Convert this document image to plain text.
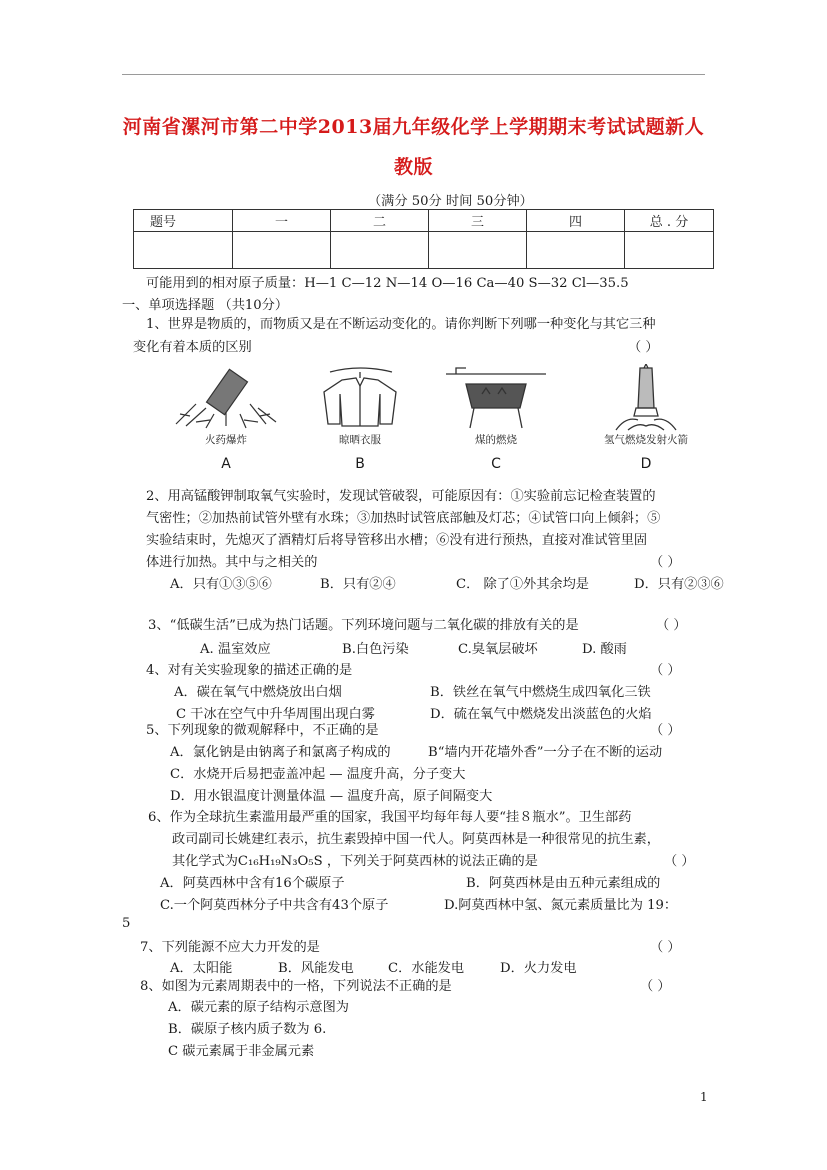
河南省漯河市第二中学2013届九年级化学上学期期末考试试题新人
教版
（满分 50分 时间 50分钟）
题号	一	二	三	四	总 . 分

可能用到的相对原子质量：H—1 C—12 N—14 O—16 Ca—40 S—32 Cl—35.5
一、单项选择题 （共10分）
1、世界是物质的，而物质又是在不断运动变化的。请你判断下列哪一种变化与其它三种
变化有着本质的区别	（ ）
火药爆炸
A
晾晒衣服
B
煤的燃烧
C
氢气燃烧发射火箭
D
2、用高锰酸钾制取氧气实验时，发现试管破裂，可能原因有：①实验前忘记检查装置的
气密性；②加热前试管外壁有水珠；③加热时试管底部触及灯芯；④试管口向上倾斜；⑤
实验结束时，先熄灭了酒精灯后将导管移出水槽；⑥没有进行预热，直接对准试管里固
体进行加热。其中与之相关的	（ ）
A．只有①③⑤⑥	B．只有②④	C． 除了①外其余均是	D．只有②③⑥
3、“低碳生活”已成为热门话题。下列环境问题与二氧化碳的排放有关的是	（ ）
A. 温室效应	B.白色污染	C.臭氧层破坏	D. 酸雨
4、对有关实验现象的描述正确的是	（ ）
A．碳在氧气中燃烧放出白烟	B．铁丝在氧气中燃烧生成四氧化三铁
C 干冰在空气中升华周围出现白雾	D．硫在氧气中燃烧发出淡蓝色的火焰
5、下列现象的微观解释中，不正确的是	（ ）
A．氯化钠是由钠离子和氯离子构成的	B“墙内开花墙外香”一分子在不断的运动
C．水烧开后易把壶盖冲起 — 温度升高，分子变大
D．用水银温度计测量体温 — 温度升高，原子间隔变大
6、作为全球抗生素滥用最严重的国家，我国平均每年每人要“挂８瓶水”。卫生部药
政司副司长姚建红表示，抗生素毁掉中国一代人。阿莫西林是一种很常见的抗生素，
其化学式为C₁₆H₁₉N₃O₅S ，下列关于阿莫西林的说法正确的是	（ ）
A．阿莫西林中含有16个碳原子	B．阿莫西林是由五种元素组成的
C.一个阿莫西林分子中共含有43个原子	D.阿莫西林中氢、氮元素质量比为 19：
5
7、下列能源不应大力开发的是	（ ）
A．太阳能	B．风能发电	C．水能发电	D．火力发电
8、如图为元素周期表中的一格，下列说法不正确的是	（ ）
A．碳元素的原子结构示意图为
B．碳原子核内质子数为 6.
C 碳元素属于非金属元素
1
